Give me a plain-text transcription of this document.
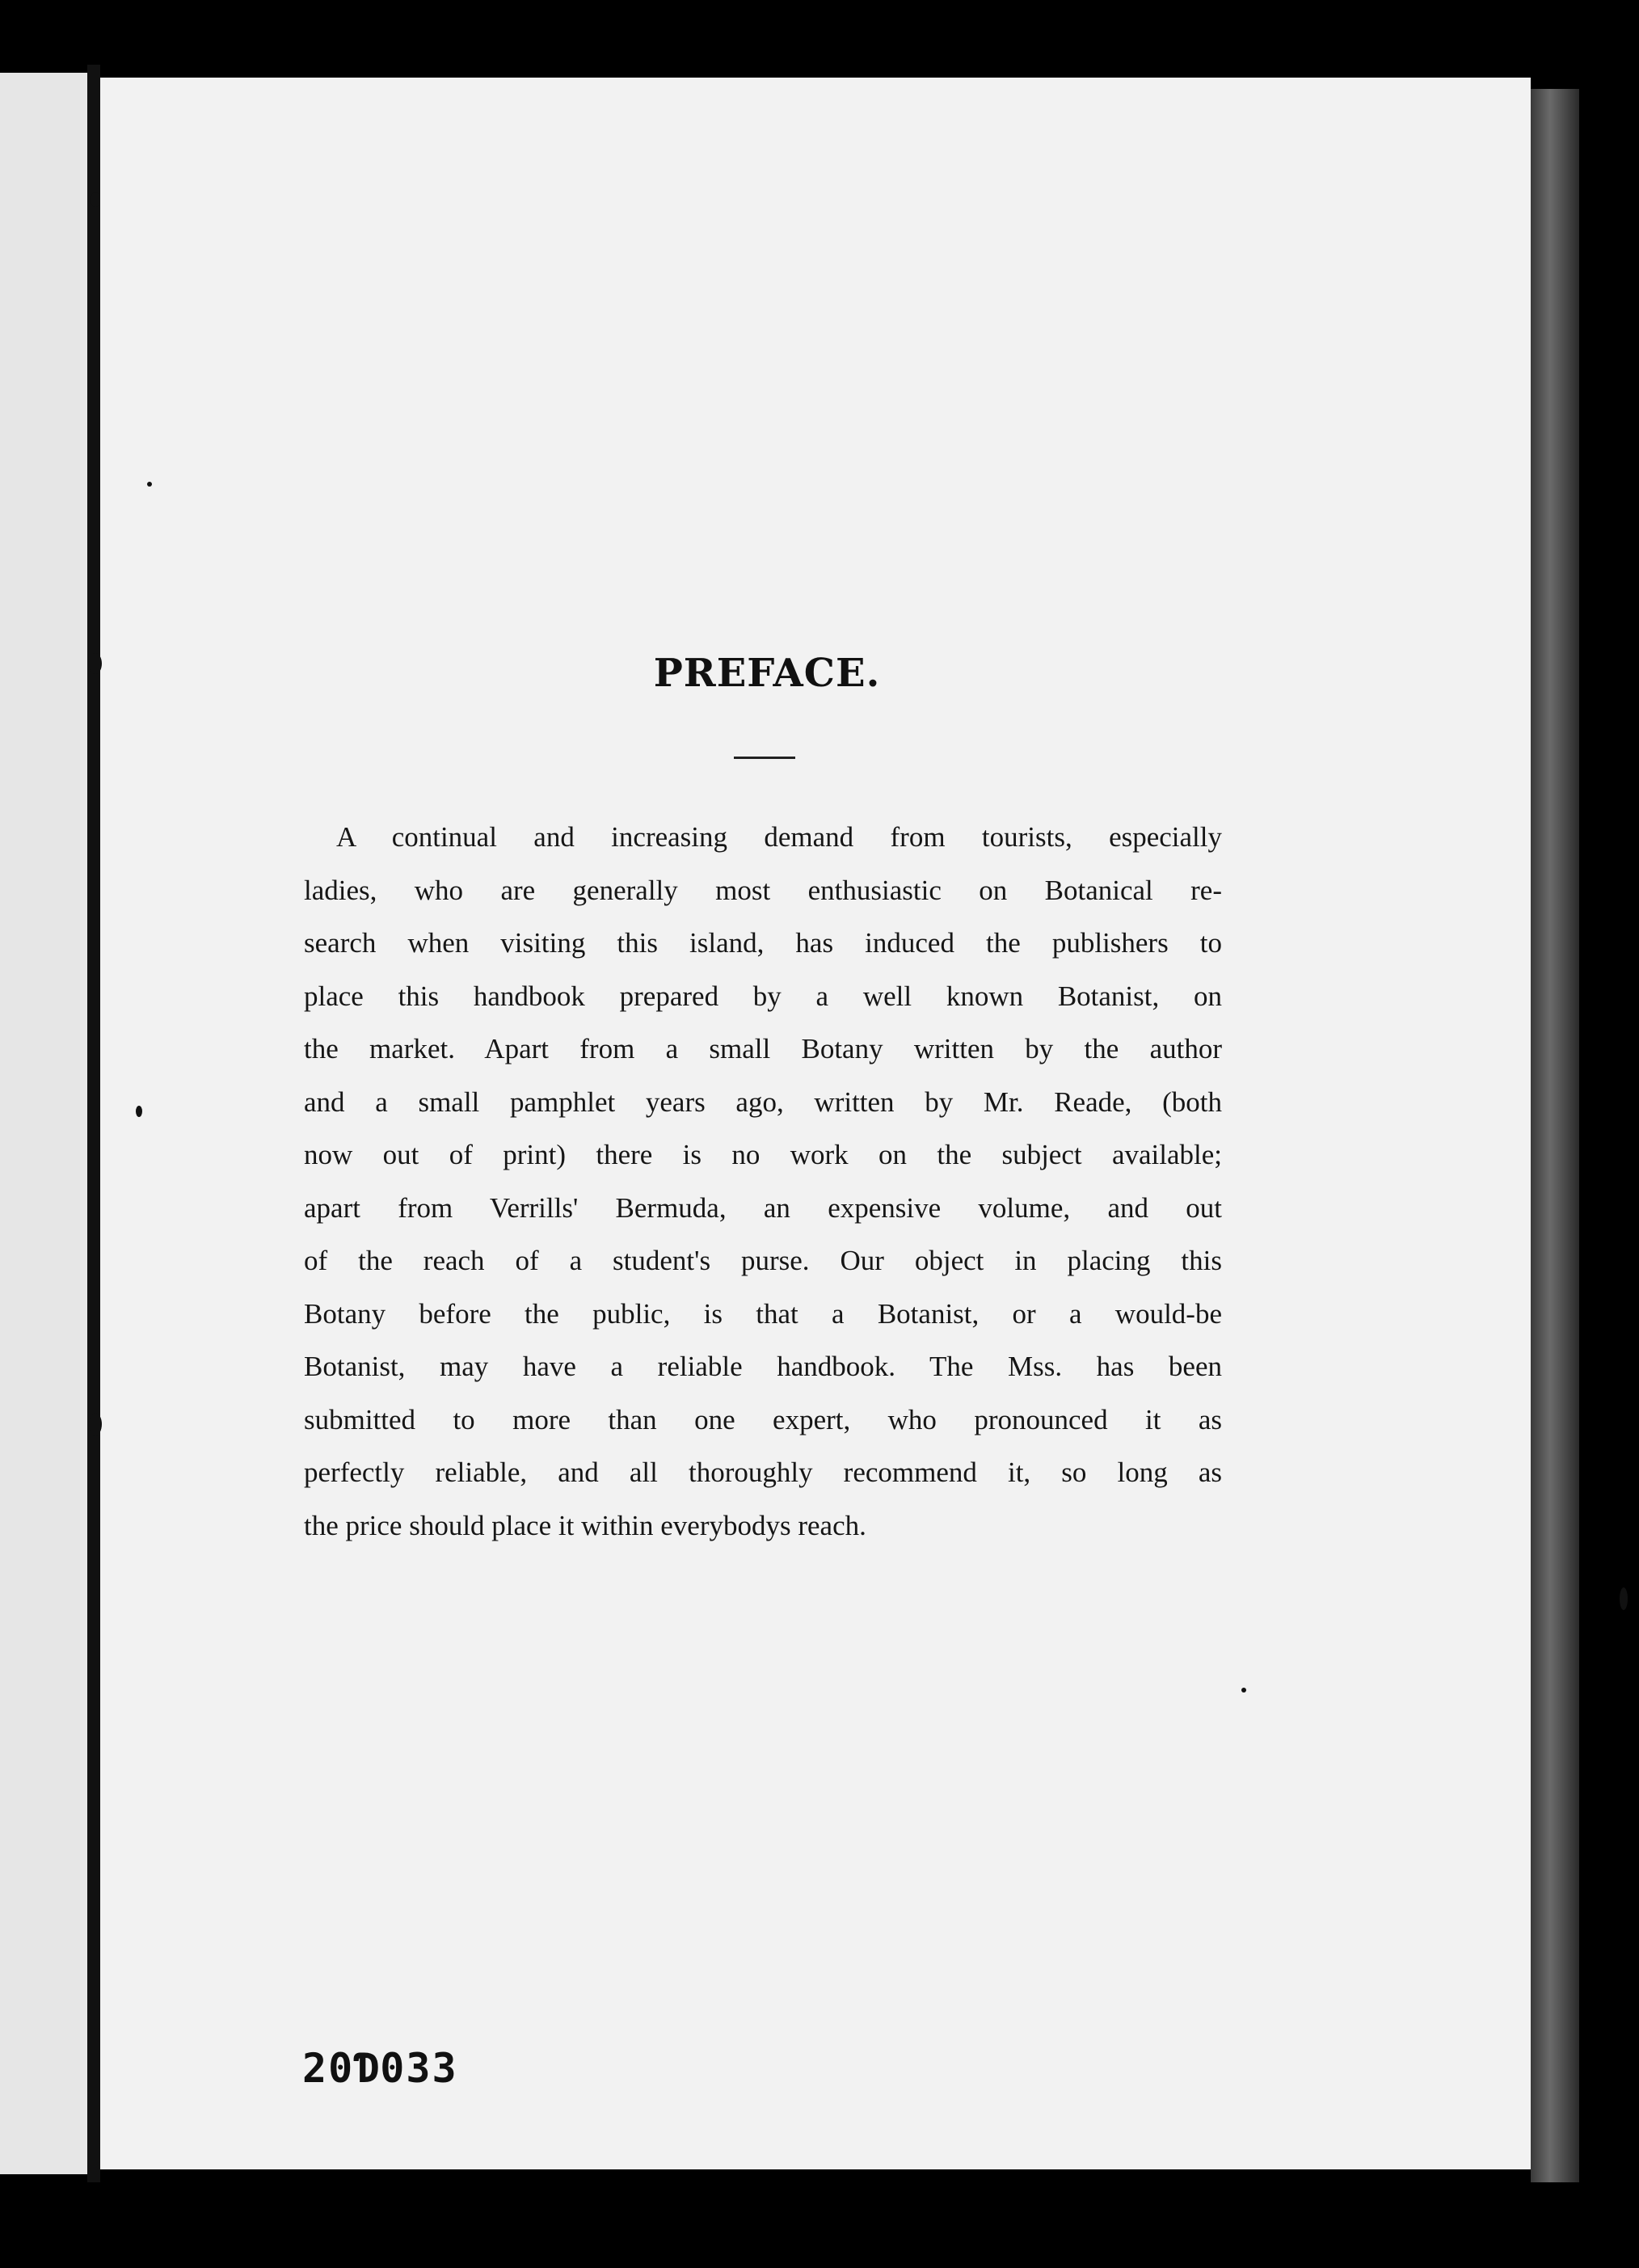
PREFACE.
A continual and increasing demand from tourists, especially
ladies, who are generally most enthusiastic on Botanical re-
search when visiting this island, has induced the publishers to
place this handbook prepared by a well known Botanist, on
the market. Apart from a small Botany written by the author
and a small pamphlet years ago, written by Mr. Reade, (both
now out of print) there is no work on the subject available;
apart from Verrills' Bermuda, an expensive volume, and out
of the reach of a student's purse. Our object in placing this
Botany before the public, is that a Botanist, or a would-be
Botanist, may have a reliable handbook. The Mss. has been
submitted to more than one expert, who pronounced it as
perfectly reliable, and all thoroughly recommend it, so long as
the price should place it within everybodys reach.
20Ɗ033
